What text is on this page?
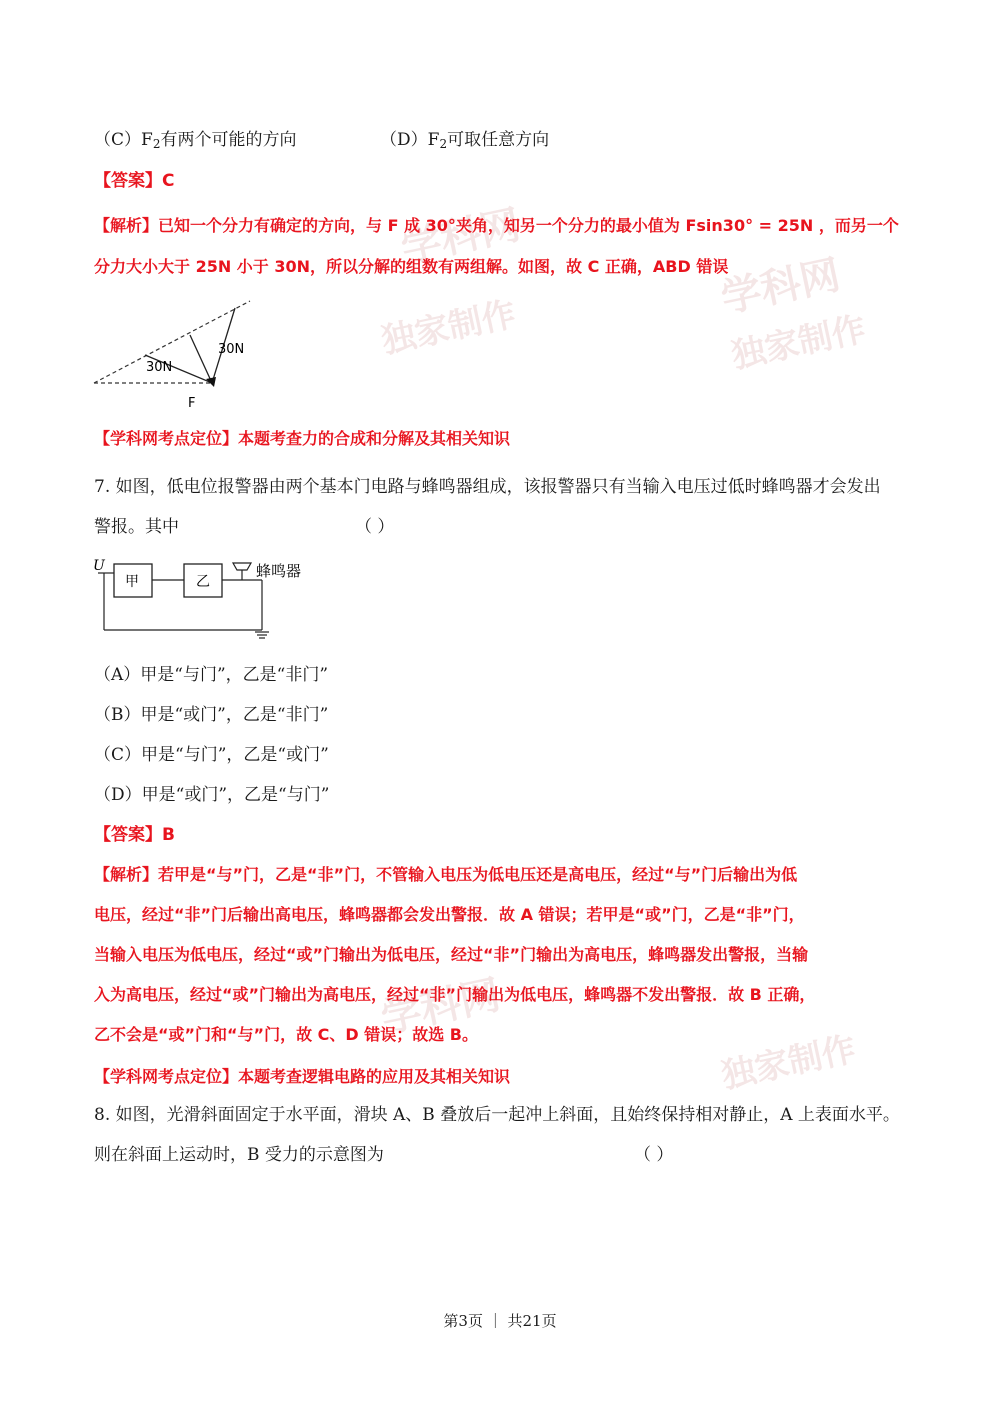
学科网
独家制作
学科网
独家制作
学科网
独家制作
$(C)F_2$有两个可能的方向	$(D)F_2$可取任意方向
【答案】C
【解析】已知一个分力有确定的方向，与 F 成 30°夹角，知另一个分力的最小值为 Fsin30° = 25N ，而另一个
分力大小大于 25N 小于 30N，所以分解的组数有两组解。如图，故 C 正确，ABD 错误
30N
30N
F
【学科网考点定位】本题考查力的合成和分解及其相关知识
7. 如图，低电位报警器由两个基本门电路与蜂鸣器组成，该报警器只有当输入电压过低时蜂鸣器才会发出
警报。其中	（ ）
U
甲	乙
蜂鸣器
（A）甲是“与门”，乙是“非门”
（B）甲是“或门”，乙是“非门”
（C）甲是“与门”，乙是“或门”
（D）甲是“或门”，乙是“与门”
【答案】B
【解析】若甲是“与”门，乙是“非”门，不管输入电压为低电压还是高电压，经过“与”门后输出为低
电压，经过“非”门后输出高电压，蜂鸣器都会发出警报．故 A 错误；若甲是“或”门，乙是“非”门，
当输入电压为低电压，经过“或”门输出为低电压，经过“非”门输出为高电压，蜂鸣器发出警报，当输
入为高电压，经过“或”门输出为高电压，经过“非”门输出为低电压，蜂鸣器不发出警报．故 B 正确，
乙不会是“或”门和“与”门，故 C、D 错误；故选 B。
【学科网考点定位】本题考查逻辑电路的应用及其相关知识
8. 如图，光滑斜面固定于水平面，滑块 A、B 叠放后一起冲上斜面，且始终保持相对静止，A 上表面水平。
则在斜面上运动时，B 受力的示意图为	（ ）
第3页 ｜ 共21页
